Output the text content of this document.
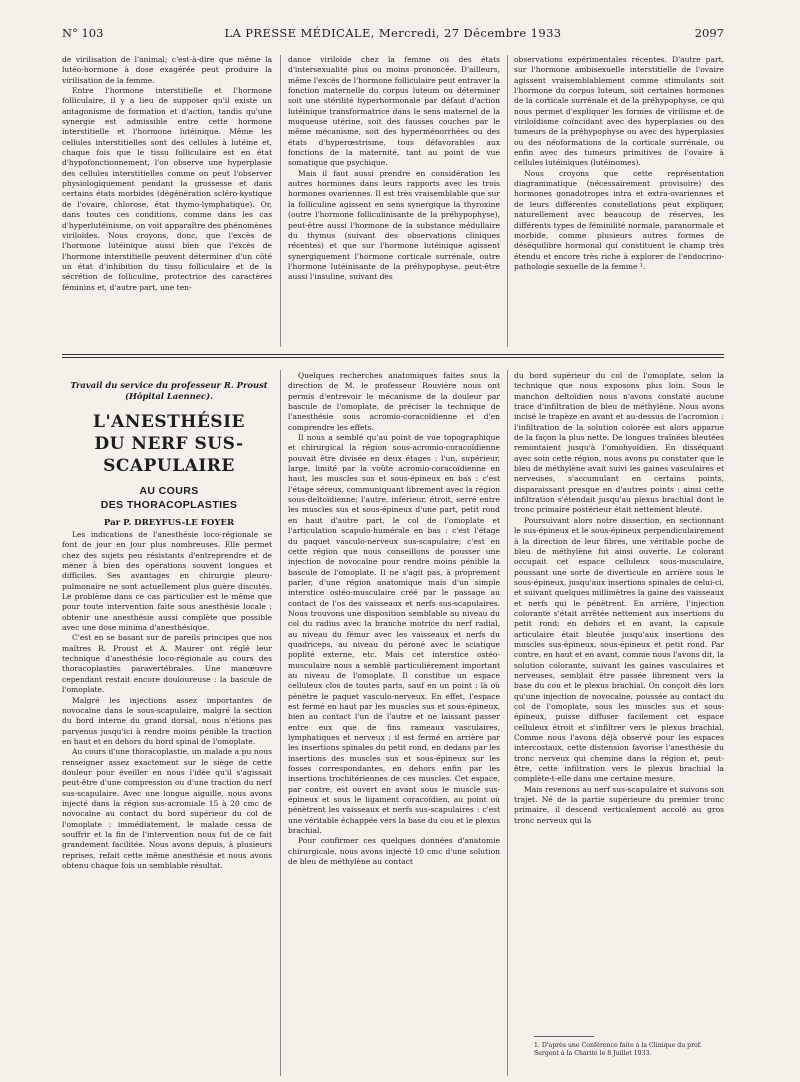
N° 103	LA PRESSE MÉDICALE, Mercredi, 27 Décembre 1933	2097

de virilisation de l'animal; c'est-à-dire que même la lutéo-hormone à dose exagérée peut produire la virilisation de la femme.

Entre l'hormone interstitielle et l'hormone folliculaire, il y a lieu de supposer qu'il existe un antagonisme de formation et d'action, tandis qu'une synergie est admissible entre cette hormone interstitielle et l'hormone lutéinique. Même les cellules interstitielles sont des cellules à lutéine et, chaque fois que le tissu folliculaire est en état d'hypofonctionnement, l'on observe une hyperplasie des cellules interstitielles comme on peut l'observer physiologiquement pendant la grossesse et dans certains états morbides (dégénération scléro-kystique de l'ovaire, chlorose, état thymo-lymphatique). Or, dans toutes ces conditions, comme dans les cas d'hyperlutéinisme, on voit apparaître des phénomènes viriloïdes. Nous croyons, donc, que l'excès de l'hormone lutéinique aussi bien que l'excès de l'hormone interstitielle peuvent déterminer d'un côté un état d'inhibition du tissu folliculaire et de la sécrétion de folliculine, protectrice des caractères féminins et, d'autre part, une ten-

dance viriloïde chez la femme ou des états d'intersexualité plus ou moins prononcée. D'ailleurs, même l'excès de l'hormone folliculaire peut entraver la fonction maternelle du corpus luteum ou déterminer soit une stérilité hyperhormonale par défaut d'action lutéinique transformatrice dans le sens maternel de la muqueuse utérine, soit des fausses couches par le même mécanisme, soit des hyperménorrhées ou des états d'hyperœstrisme, tous défavorables aux fonctions de la maternité, tant au point de vue somatique que psychique.

Mais il faut aussi prendre en considération les autres hormones dans leurs rapports avec les trois hormones ovariennes. Il est très vraisemblable que sur la folliculine agissent en sens synergique la thyroxine (outre l'hormone folliculinisante de la préhypophyse), peut-être aussi l'hormone de la substance médullaire du thymus (suivant des observations cliniques récentes) et que sur l'hormone lutéinique agissent synergiquement l'hormone corticale surrénale, outre l'hormone lutéinisante de la préhypophyse, peut-être aussi l'insuline, suivant des

observations expérimentales récentes. D'autre part, sur l'hormone ambisexuelle interstitielle de l'ovaire agissent vraisemblablement comme stimulants soit l'hormone du corpus luteum, soit certaines hormones de la corticale surrénale et de la préhypophyse, ce qui nous permet d'expliquer les formes de virilisme et de viriloïdisme coïncidant avec des hyperplasies ou des tumeurs de la préhypophyse ou avec des hyperplasies ou des néoformations de la corticale surrénale, ou enfin avec des tumeurs primitives de l'ovaire à cellules lutéiniques (lutéinomes).

Nous croyons que cette représentation diagrammatique (nécessairement provisoire) des hormones gonadotropes intra et extra-ovariennes et de leurs différentes constellations peut expliquer, naturellement avec beaucoup de réserves, les différents types de féminilité normale, paranormale et morbide, comme plusieurs autres formes de déséquilibre hormonal qui constituent le champ très étendu et encore très riche à explorer de l'endocrino-pathologie sexuelle de la femme ¹.

Travail du service du professeur R. Proust

(Hôpital Laennec).

L'ANESTHÉSIE
DU NERF SUS-SCAPULAIRE
AU COURS
DES THORACOPLASTIES

Par P. DREYFUS-LE FOYER

Les indications de l'anesthésie loco-régionale se font de jour en jour plus nombreuses. Elle permet chez des sujets peu résistants d'entreprendre et de mener à bien des opérations souvent longues et difficiles. Ses avantages en chirurgie pleuro-pulmonaire ne sont actuellement plus guère discutés. Le problème dans ce cas particulier est le même que pour toute intervention faite sous anesthésie locale : obtenir une anesthésie aussi complète que possible avec une dose minima d'anesthésique.

C'est en se basant sur de pareils principes que nos maîtres R. Proust et A. Maurer ont réglé leur technique d'anesthésie loco-régionale au cours des thoracoplasties paravertébrales. Une manœuvre cependant restait encore douloureuse : la bascule de l'omoplate.

Malgré les injections assez importantes de novocaïne dans le sous-scapulaire, malgré la section du bord interne du grand dorsal, nous n'étions pas parvenus jusqu'ici à rendre moins pénible la traction en haut et en dehors du bord spinal de l'omoplate.

Au cours d'une thoracoplastie, un malade a pu nous renseigner assez exactement sur le siège de cette douleur pour éveiller en nous l'idée qu'il s'agissait peut-être d'une compression ou d'une traction du nerf sus-scapulaire. Avec une longue aiguille, nous avons injecté dans la région sus-acromiale 15 à 20 cmc de novocaïne au contact du bord supérieur du col de l'omoplate : immédiatement, le malade cessa de souffrir et la fin de l'intervention nous fut de ce fait grandement facilitée. Nous avons depuis, à plusieurs reprises, refait cette même anesthésie et nous avons obtenu chaque fois un semblable résultat.

Quelques recherches anatomiques faites sous la direction de M. le professeur Rouvière nous ont permis d'entrevoir le mécanisme de la douleur par bascule de l'omoplate, de préciser la technique de l'anesthésie sous acromio-coracoïdienne et d'en comprendre les effets.

Il nous a semblé qu'au point de vue topographique et chirurgical la région sous-acromio-coracoïdienne pouvait être divisée en deux étages : l'un, supérieur, large, limité par la voûte acromio-coracoïdienne en haut, les muscles sus et sous-épineux en bas : c'est l'étage séreux, communiquant librement avec la région sous-deltoïdienne; l'autre, inférieur, étroit, serré entre les muscles sus et sous-épineux d'une part, petit rond en haut d'autre part, le col de l'omoplate et l'articulation scapulo-humérale en bas : c'est l'étage du paquet vasculo-nerveux sus-scapulaire; c'est en cette région que nous conseillons de pousser une injection de novocaïne pour rendre moins pénible la bascule de l'omoplate. Il ne s'agit pas, à proprement parler, d'une région anatomique mais d'un simple interstice ostéo-musculaire créé par le passage au contact de l'os des vaisseaux et nerfs sus-scapulaires. Nous trouvons une disposition semblable au niveau du col du radius avec la branche motrice du nerf radial, au niveau du fémur avec les vaisseaux et nerfs du quadriceps, au niveau du péroné avec le sciatique poplité externe, etc. Mais cet interstice ostéo-musculaire nous a semblé particulièrement important au niveau de l'omoplate. Il constitue un espace celluleux clos de toutes parts, sauf en un point : là où pénètre le paquet vasculo-nerveux. En effet, l'espace est fermé en haut par les muscles sus et sous-épineux, bien au contact l'un de l'autre et ne laissant passer entre eux que de fins rameaux vasculaires, lymphatiques et nerveux ; il est fermé en arrière par les insertions spinales du petit rond, en dedans par les insertions des muscles sus et sous-épineux sur les fosses correspondantes, en dehors enfin par les insertions trochitériennes de ces muscles. Cet espace, par contre, est ouvert en avant sous le muscle sus-épineux et sous le ligament coracoïdien, au point où pénètrent les vaisseaux et nerfs sus-scapulaires : c'est une véritable échappée vers la base du cou et le plexus brachial.

Pour confirmer ces quelques données d'anatomie chirurgicale, nous avons injecté 10 cmc d'une solution de bleu de méthylène au contact

du bord supérieur du col de l'omoplate, selon la technique que nous exposons plus loin. Sous le manchon deltoïdien nous n'avons constaté aucune trace d'infiltration de bleu de méthylène. Nous avons incisé le trapèze en avant et au-dessus de l'acromion : l'infiltration de la solution colorée est alors apparue de la façon la plus nette. De longues traînées bleutées remontaient jusqu'à l'omohyoïdien. En disséquant avec soin cette région, nous avons pu constater que le bleu de méthylène avait suivi les gaines vasculaires et nerveuses, s'accumulant en certains points, disparaissant presque en d'autres points : ainsi cette infiltration s'étendait jusqu'au plexus brachial dont le tronc primaire postérieur était nettement bleuté.

Poursuivant alors notre dissection, en sectionnant le sus-épineux et le sous-épineux perpendiculairement à la direction de leur fibres, une véritable poche de bleu de méthylène fut ainsi ouverte. Le colorant occupait cet espace celluleux sous-musculaire, poussant une sorte de diverticule en arrière sous le sous-épineux, jusqu'aux insertions spinales de celui-ci, et suivant quelques millimètres la gaine des vaisseaux et nerfs qui le pénètrent. En arrière, l'injection colorante s'était arrêtée nettement aux insertions du petit rond; en dehors et en avant, la capsule articulaire était bleutée jusqu'aux insertions des muscles sus-épineux, sous-épineux et petit rond. Par contre, en haut et en avant, comme nous l'avons dit, la solution colorante, suivant les gaines vasculaires et nerveuses, semblait être passée librement vers la base du cou et le plexus brachial. On conçoit dès lors qu'une injection de novocaïne, poussée au contact du col de l'omoplate, sous les muscles sus et sous-épineux, puisse diffuser facilement cet espace celluleux étroit et s'infiltrer vers le plexus brachial. Comme nous l'avons déjà observé pour les espaces intercostaux, cette distension favorise l'anesthésie du tronc nerveux qui chemine dans la région et, peut-être, cette infiltration vers le plexus brachial la complète-t-elle dans une certaine mesure.

Mais revenons au nerf sus-scapulaire et suivons son trajet. Né de la partie supérieure du premier tronc primaire, il descend verticalement accolé au gros tronc nerveux qui la

1. D'après une Conférence faite à la Clinique du prof. Sergent à la Charité le 8 Juillet 1933.
